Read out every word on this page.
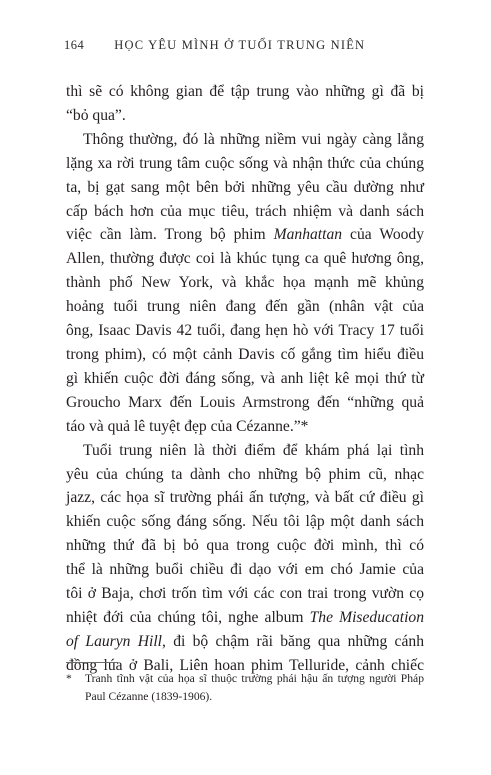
164 HỌC YÊU MÌNH Ở TUỔI TRUNG NIÊN
thì sẽ có không gian để tập trung vào những gì đã bị
“bỏ qua”.
Thông thường, đó là những niềm vui ngày càng lẳng
lặng xa rời trung tâm cuộc sống và nhận thức của chúng
ta, bị gạt sang một bên bởi những yêu cầu dường như
cấp bách hơn của mục tiêu, trách nhiệm và danh sách
việc cần làm. Trong bộ phim Manhattan của Woody
Allen, thường được coi là khúc tụng ca quê hương ông,
thành phố New York, và khắc họa mạnh mẽ khủng
hoảng tuổi trung niên đang đến gần (nhân vật của
ông, Isaac Davis 42 tuổi, đang hẹn hò với Tracy 17 tuổi
trong phim), có một cảnh Davis cố gắng tìm hiểu điều
gì khiến cuộc đời đáng sống, và anh liệt kê mọi thứ từ
Groucho Marx đến Louis Armstrong đến “những quả
táo và quả lê tuyệt đẹp của Cézanne.”*
Tuổi trung niên là thời điểm để khám phá lại tình
yêu của chúng ta dành cho những bộ phim cũ, nhạc
jazz, các họa sĩ trường phái ấn tượng, và bất cứ điều gì
khiến cuộc sống đáng sống. Nếu tôi lập một danh sách
những thứ đã bị bỏ qua trong cuộc đời mình, thì có
thể là những buổi chiều đi dạo với em chó Jamie của
tôi ở Baja, chơi trốn tìm với các con trai trong vườn cọ
nhiệt đới của chúng tôi, nghe album The Miseducation
of Lauryn Hill, đi bộ chậm rãi băng qua những cánh
đồng lúa ở Bali, Liên hoan phim Telluride, cảnh chiếc
* Tranh tĩnh vật của họa sĩ thuộc trường phái hậu ấn tượng người Pháp
Paul Cézanne (1839-1906).
